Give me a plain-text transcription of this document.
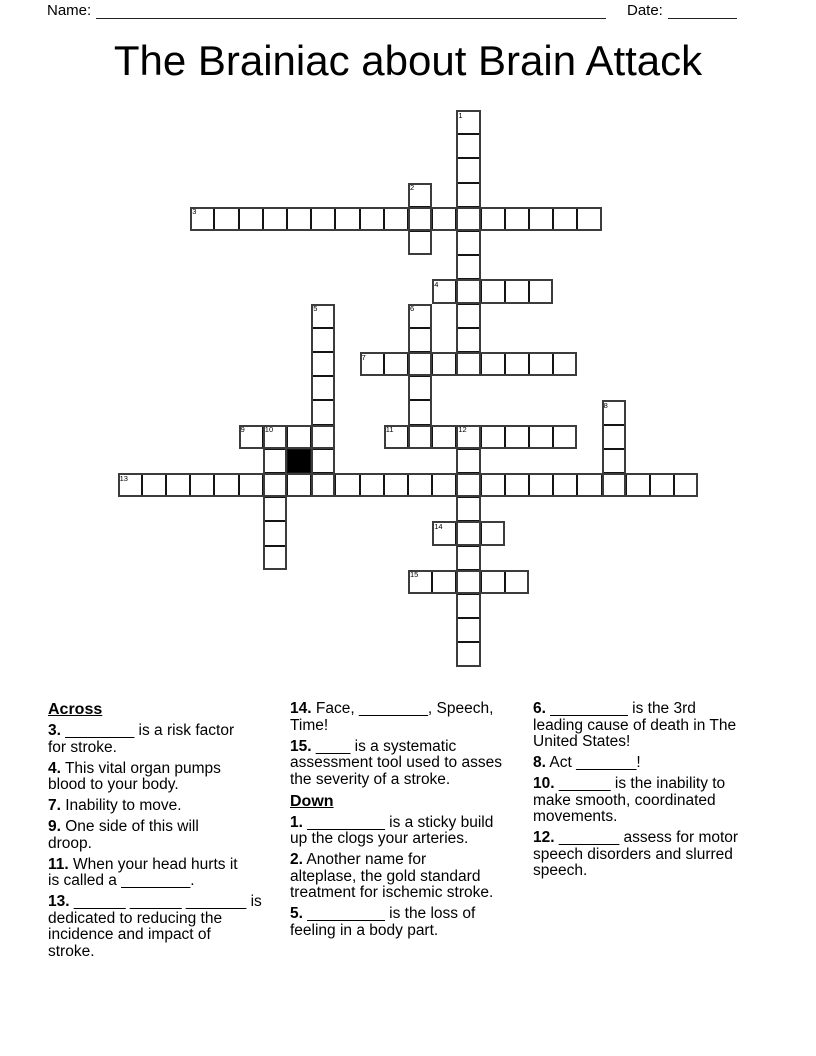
Name:	Date:
The Brainiac about Brain Attack
1
2
3
4
5	6
7
8
9	10	11	12
13
14
15
Across
3. ________ is a risk factor
for stroke.
4. This vital organ pumps
blood to your body.
7. Inability to move.
9. One side of this will
droop.
11. When your head hurts it
is called a ________.
13. ______ ______ _______ is
dedicated to reducing the
incidence and impact of
stroke.
14. Face, ________, Speech,
Time!
15. ____ is a systematic
assessment tool used to asses
the severity of a stroke.
Down
1. _________ is a sticky build
up the clogs your arteries.
2. Another name for
alteplase, the gold standard
treatment for ischemic stroke.
5. _________ is the loss of
feeling in a body part.
6. _________ is the 3rd
leading cause of death in The
United States!
8. Act _______!
10. ______ is the inability to
make smooth, coordinated
movements.
12. _______ assess for motor
speech disorders and slurred
speech.
